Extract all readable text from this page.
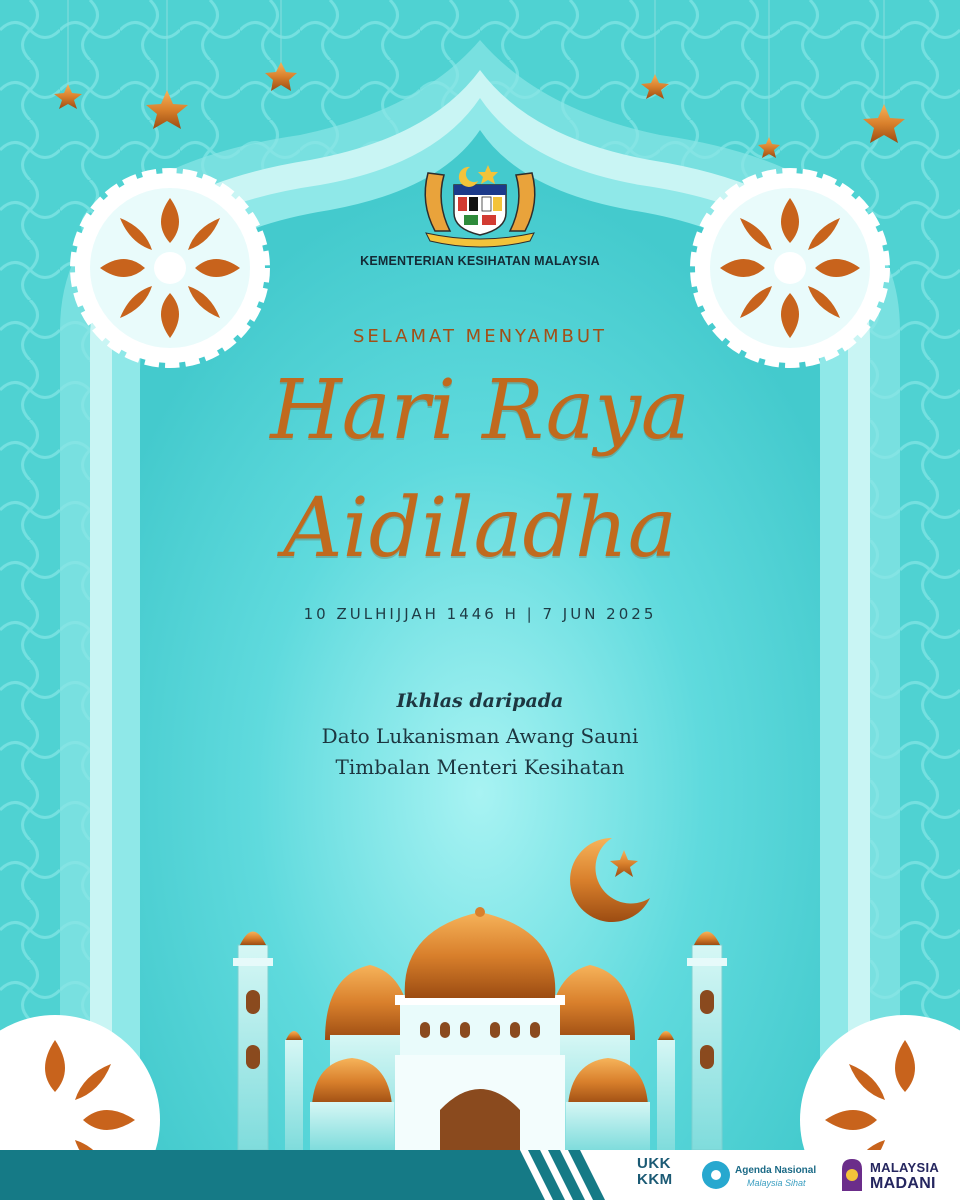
KEMENTERIAN KESIHATAN MALAYSIA
SELAMAT MENYAMBUT
Hari Raya
Aidiladha
10 ZULHIJJAH 1446 H | 7 JUN 2025
Ikhlas daripada
Dato Lukanisman Awang Sauni
Timbalan Menteri Kesihatan
UKK
KKM
Agenda Nasional
Malaysia Sihat
MALAYSIA
MADANI
